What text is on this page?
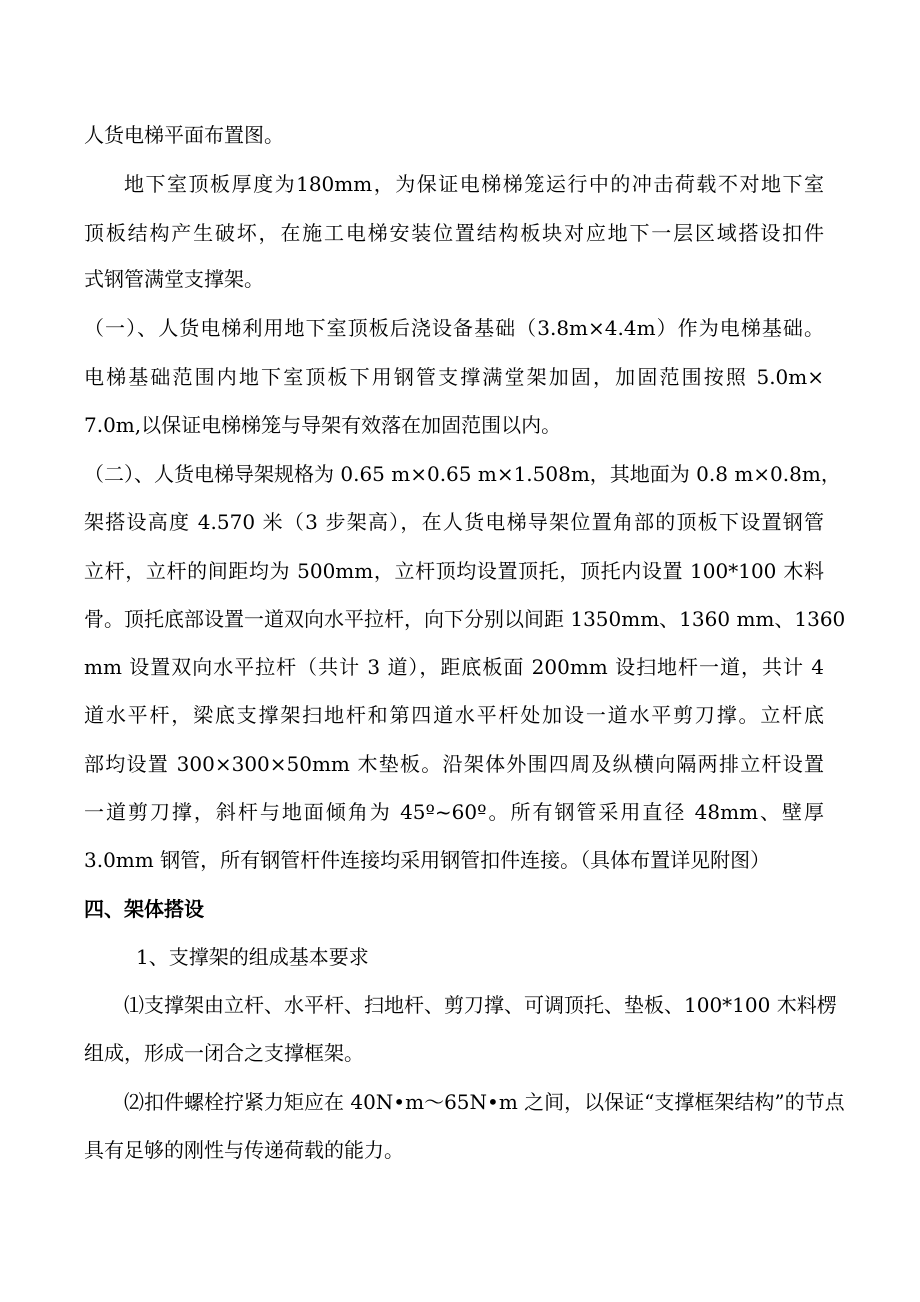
人货电梯平面布置图。

地下室顶板厚度为180mm，为保证电梯梯笼运行中的冲击荷载不对地下室

顶板结构产生破坏，在施工电梯安装位置结构板块对应地下一层区域搭设扣件

式钢管满堂支撑架。

（一）、人货电梯利用地下室顶板后浇设备基础（3.8m×4.4m）作为电梯基础。

电梯基础范围内地下室顶板下用钢管支撑满堂架加固，加固范围按照 5.0m×

7.0m,以保证电梯梯笼与导架有效落在加固范围以内。

（二）、人货电梯导架规格为 0.65 m×0.65 m×1.508m，其地面为 0.8 m×0.8m，

架搭设高度 4.570 米（3 步架高），在人货电梯导架位置角部的顶板下设置钢管

立杆，立杆的间距均为 500mm，立杆顶均设置顶托，顶托内设置 100*100 木料

骨。顶托底部设置一道双向水平拉杆，向下分别以间距 1350mm、1360 mm、1360

mm 设置双向水平拉杆（共计 3 道），距底板面 200mm 设扫地杆一道，共计 4

道水平杆，梁底支撑架扫地杆和第四道水平杆处加设一道水平剪刀撑。立杆底

部均设置 300×300×50mm 木垫板。沿架体外围四周及纵横向隔两排立杆设置

一道剪刀撑，斜杆与地面倾角为 45º~60º。所有钢管采用直径 48mm、壁厚

3.0mm 钢管，所有钢管杆件连接均采用钢管扣件连接。（具体布置详见附图）

四、架体搭设

1、支撑架的组成基本要求

⑴支撑架由立杆、水平杆、扫地杆、剪刀撑、可调顶托、垫板、100*100 木料楞

组成，形成一闭合之支撑框架。

⑵扣件螺栓拧紧力矩应在 40N•m～65N•m 之间，以保证“支撑框架结构”的节点

具有足够的刚性与传递荷载的能力。
